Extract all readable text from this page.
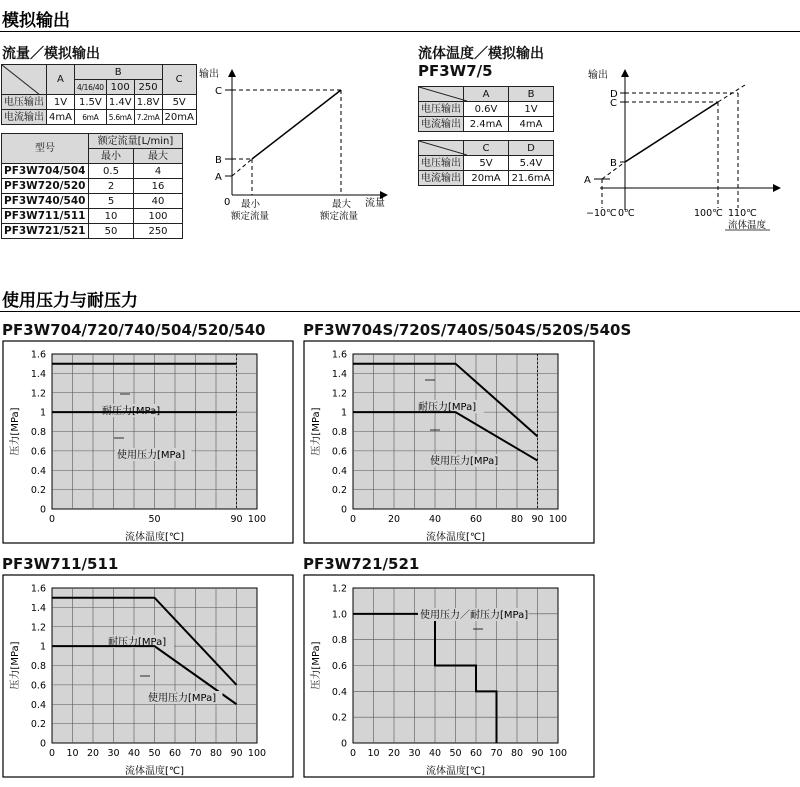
模拟输出
流量／模拟输出
	A	B			C
		4/16/40	100	250	
电压输出	1V	1.5V	1.4V	1.8V	5V
电流输出	4mA	6mA	5.6mA	7.2mA	20mA
型号	额定流量[L/min]	
	最小	最大
PF3W704/504	0.5	4
PF3W720/520	2	16
PF3W740/540	5	40
PF3W711/511	10	100
PF3W721/521	50	250
输出
流量
0
C
B
A
最小
额定流量
最大
额定流量
流体温度／模拟输出
PF3W7/5
	A	B
电压输出	0.6V	1V
电流输出	2.4mA	4mA
	C	D
电压输出	5V	5.4V
电流输出	20mA	21.6mA
输出
流体温度
D
C
B
A
−10℃ 0℃	100℃ 110℃
使用压力与耐压力
PF3W704/720/740/504/520/540	PF3W704S/720S/740S/504S/520S/540S
PF3W711/511	PF3W721/521
0
0.2
0.4
0.6
0.8
1
1.2
1.4
1.6
0	50	90 100
流体温度[℃]
压力[MPa]	耐压力[MPa]
使用压力[MPa]
0
0.2
0.4
0.6
0.8
1
1.2
1.4
1.6
0	20	40	60	80 90 100
流体温度[℃]
压力[MPa]	耐压力[MPa]
使用压力[MPa]
0
0.2
0.4
0.6
0.8
1
1.2
1.4
1.6
0 10 20 30 40 50 60 70 80 90 100
流体温度[℃]
压力[MPa]	耐压力[MPa]
使用压力[MPa]
0
0.2
0.4
0.6
0.8
1.0
1.2
0 10 20 30 40 50 60 70 80 90 100
流体温度[℃]
压力[MPa]
使用压力／耐压力[MPa]
